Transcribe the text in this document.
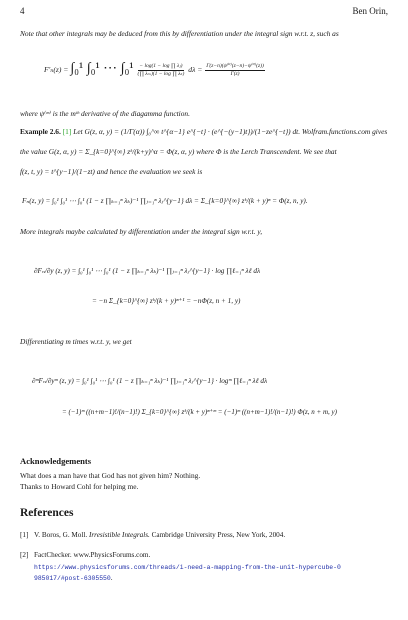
4	Ben Orin,
Note that other integrals may be deduced from this by differentiation under the integral sign w.r.t. z, such as
F′ₙ(z) = ∫₀¹ ∫₀¹ ⋯ $\int_0^1 \frac{\text{− log(1 − log ∏ λⱼ)}}{\text{(∏ λₘ)(1 − log ∏ λₖ)}}$ $d\lambda = \frac{\text{Γ(z−n)(ψ⁽⁰⁾(z−n)−ψ⁽⁰⁾(z))}}{\Gamma(z)}$
where ψ⁽ᵐ⁾ is the mᵗʰ derivative of the diagamma function.
Example 2.6. [1] Let G(z, α, y) = (1/Γ(α)) ∫₀^∞ t^{α−1} e^{−t} · (e^{−(y−1)t})/(1−ze^{−t}) dt. Wolfram.functions.com gives
the value G(z, α, y) = Σ_{k=0}^{∞} zᵏ/(k+y)^α = Φ(z, α, y) where Φ is the Lerch Transcendent. We see that
f(z, t, y) = t^{y−1}/(1−zt) and hence the evaluation we seek is
Fₙ(z, y) = ∫₀¹ ∫₀¹ ⋯ ∫₀¹ (1 − z ∏ₖ₌₁ⁿ λₖ)⁻¹ ∏ⱼ₌₁ⁿ λⱼ^{y−1} dλ = Σ_{k=0}^{∞} zᵏ/(k + y)ⁿ = Φ(z, n, y).
More integrals maybe calculated by differentiation under the integral sign w.r.t. y,
∂Fₙ/∂y (z, y) = ∫₀¹ ∫₀¹ ⋯ ∫₀¹ (1 − z ∏ₖ₌₁ⁿ λₖ)⁻¹ ∏ⱼ₌₁ⁿ λⱼ^{y−1} · log ∏ℓ₌₁ⁿ λℓ dλ
= −n Σ_{k=0}^{∞} zᵏ/(k + y)ⁿ⁺¹ = −nΦ(z, n + 1, y)
Differentiating m times w.r.t. y, we get
∂ᵐFₙ/∂yᵐ (z, y) = ∫₀¹ ∫₀¹ ⋯ ∫₀¹ (1 − z ∏ₖ₌₁ⁿ λₖ)⁻¹ ∏ⱼ₌₁ⁿ λⱼ^{y−1} · logᵐ ∏ℓ₌₁ⁿ λℓ dλ
= (−1)ᵐ ((n+m−1)!/(n−1)!) Σ_{k=0}^{∞} zᵏ/(k + y)ⁿ⁺ᵐ = (−1)ᵐ ((n+m−1)!/(n−1)!) Φ(z, n + m, y)
Acknowledgements
What does a man have that God has not given him? Nothing.
Thanks to Howard Cohl for helping me.
References
[1] V. Boros, G. Moll. Irresistible Integrals. Cambridge University Press, New York, 2004.
[2] FactChecker. www.PhysicsForums.com.
https://www.physicsforums.com/threads/i-need-a-mapping-from-the-unit-hypercube-0
985017/#post-6305550.
